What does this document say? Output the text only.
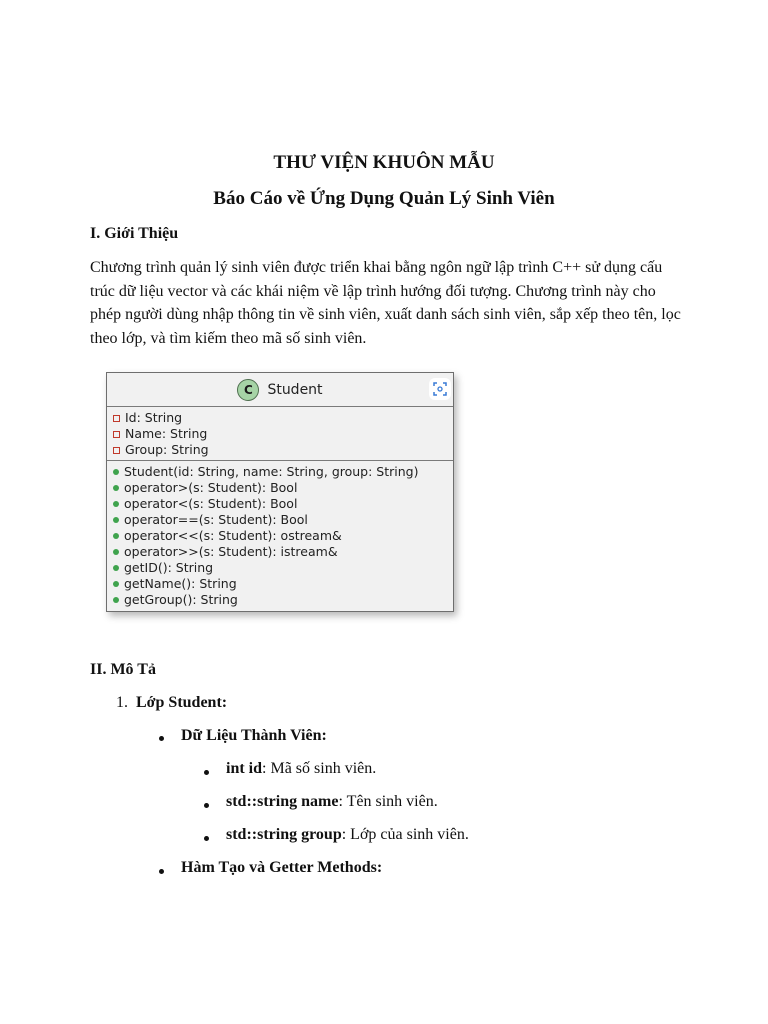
THƯ VIỆN KHUÔN MẪU

Báo Cáo về Ứng Dụng Quản Lý Sinh Viên

I. Giới Thiệu

Chương trình quản lý sinh viên được triển khai bằng ngôn ngữ lập trình C++ sử dụng cấu trúc dữ liệu vector và các khái niệm về lập trình hướng đối tượng. Chương trình này cho phép người dùng nhập thông tin về sinh viên, xuất danh sách sinh viên, sắp xếp theo tên, lọc theo lớp, và tìm kiếm theo mã số sinh viên.

C	Student
Id: String
Name: String
Group: String
Student(id: String, name: String, group: String)
operator>(s: Student): Bool
operator<(s: Student): Bool
operator==(s: Student): Bool
operator<<(s: Student): ostream&
operator>>(s: Student): istream&
getID(): String
getName(): String
getGroup(): String

II. Mô Tả

1. Lớp Student:

Dữ Liệu Thành Viên:

int id: Mã số sinh viên.

std::string name: Tên sinh viên.

std::string group: Lớp của sinh viên.

Hàm Tạo và Getter Methods:
